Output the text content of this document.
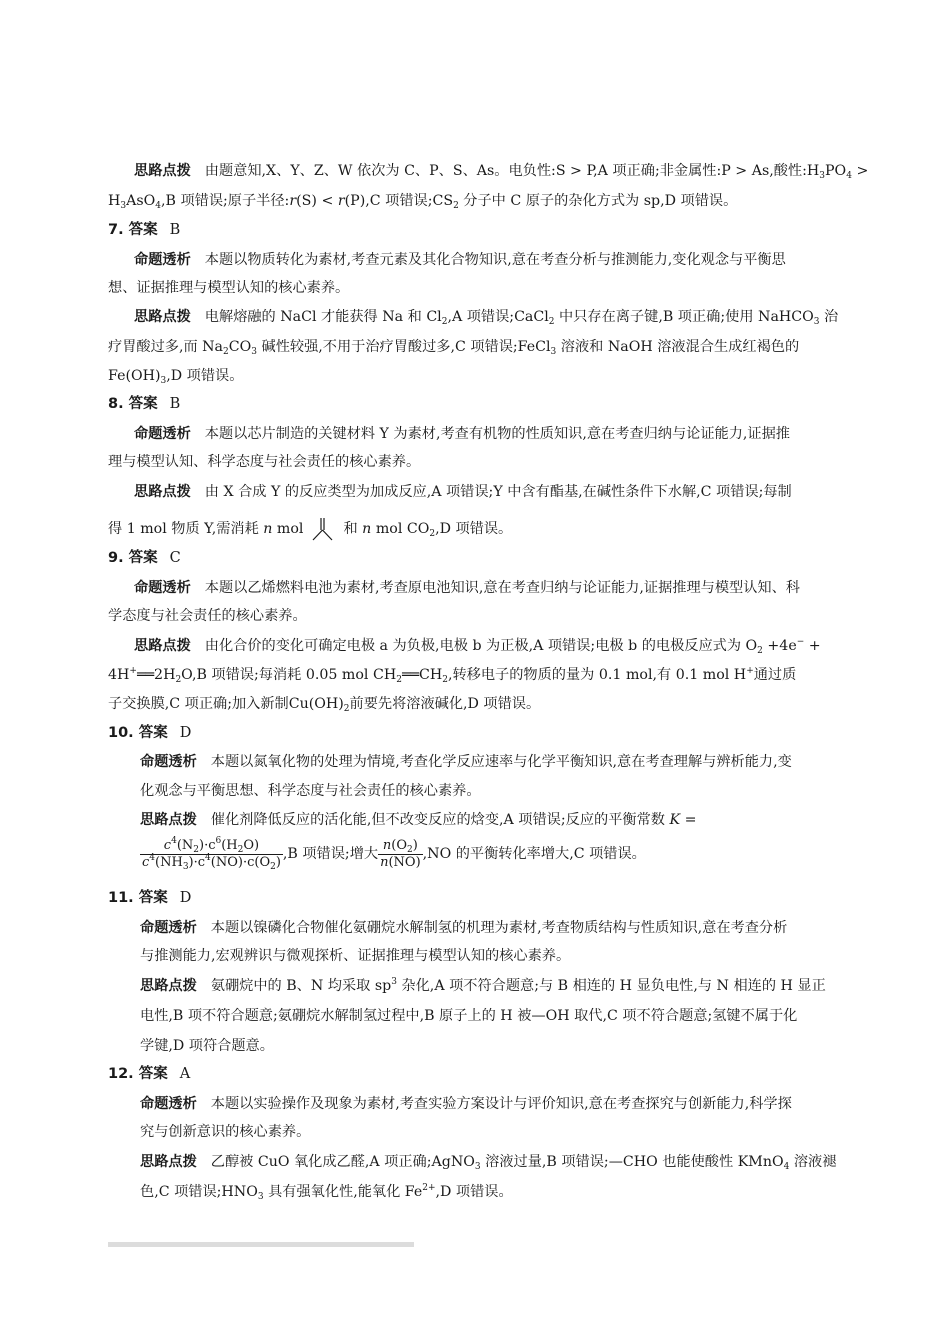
思路点拨 由题意知,X、Y、Z、W 依次为 C、P、S、As。电负性:S > P,A 项正确;非金属性:P > As,酸性$:H_3PO_4$ >
$H_3AsO_4,B$ 项错误;原子半径:r(S) < r(P),C 项错误$;CS_2$ 分子中 C 原子的杂化方式为 sp,D 项错误。
7. 答案 B
命题透析 本题以物质转化为素材,考查元素及其化合物知识,意在考查分析与推测能力,变化观念与平衡思
想、证据推理与模型认知的核心素养。
思路点拨 电解熔融的 NaCl 才能获得 Na 和 $Cl_2,A$ 项错误;CaCl$_2$ 中只存在离子键,B 项正确;使用 NaHCO$_3$ 治
疗胃酸过多,而 $Na_2CO_3$ 碱性较强,不用于治疗胃酸过多,C 项错误;FeCl$_3$ 溶液和 NaOH 溶液混合生成红褐色的
$Fe(OH)_3,D$ 项错误。
8. 答案 B
命题透析 本题以芯片制造的关键材料 Y 为素材,考查有机物的性质知识,意在考查归纳与论证能力,证据推
理与模型认知、科学态度与社会责任的核心素养。
思路点拨 由 X 合成 Y 的反应类型为加成反应,A 项错误;Y 中含有酯基,在碱性条件下水解,C 项错误;每制
得 1 mol 物质 Y,需消耗 n mol	和 n mol $CO_2,D$ 项错误。
9. 答案 C
命题透析 本题以乙烯燃料电池为素材,考查原电池知识,意在考查归纳与论证能力,证据推理与模型认知、科
学态度与社会责任的核心素养。
思路点拨 由化合价的变化可确定电极 a 为负极,电极 b 为正极,A 项错误;电极 b 的电极反应式为 $O_2 +4e^-$ +
$4H^+══2H_2O,B$ 项错误;每消耗 0.05 mol $CH_2══CH_2$,转移电子的物质的量为 0.1 mol,有 0.1 mol H+通过质
子交换膜,C 项正确;加入新制$Cu(OH)_2$前要先将溶液碱化,D 项错误。
10. 答案 D
命题透析 本题以氮氧化物的处理为情境,考查化学反应速率与化学平衡知识,意在考查理解与辨析能力,变
化观念与平衡思想、科学态度与社会责任的核心素养。
思路点拨 催化剂降低反应的活化能,但不改变反应的焓变,A 项错误;反应的平衡常数 K =
$\frac{c^4(N_2)\cdot c^6(H_2O)}{c^4(NH_3)\cdot c^4(NO)\cdot c(O_2)} ,B$ 项错误;增大 $\frac{n(O_2)}{n(NO)} ,NO$ 的平衡转化率增大,C 项错误。
11. 答案 D
命题透析 本题以镍磷化合物催化氨硼烷水解制氢的机理为素材,考查物质结构与性质知识,意在考查分析
与推测能力,宏观辨识与微观探析、证据推理与模型认知的核心素养。
思路点拨 氨硼烷中的 B、N 均采取 $sp^3$ 杂化,A 项不符合题意;与 B 相连的 H 显负电性,与 N 相连的 H 显正
电性,B 项不符合题意;氨硼烷水解制氢过程中,B 原子上的 H 被—OH 取代,C 项不符合题意;氢键不属于化
学键,D 项符合题意。
12. 答案 A
命题透析 本题以实验操作及现象为素材,考查实验方案设计与评价知识,意在考查探究与创新能力,科学探
究与创新意识的核心素养。
思路点拨 乙醇被 CuO 氧化成乙醛,A 项正确;AgNO$_3$ 溶液过量,B 项错误;—CHO 也能使酸性 KMnO$_4$ 溶液褪
色,C 项错误$;HNO_3$ 具有强氧化性,能氧化 $Fe^{2+},D$ 项错误。
